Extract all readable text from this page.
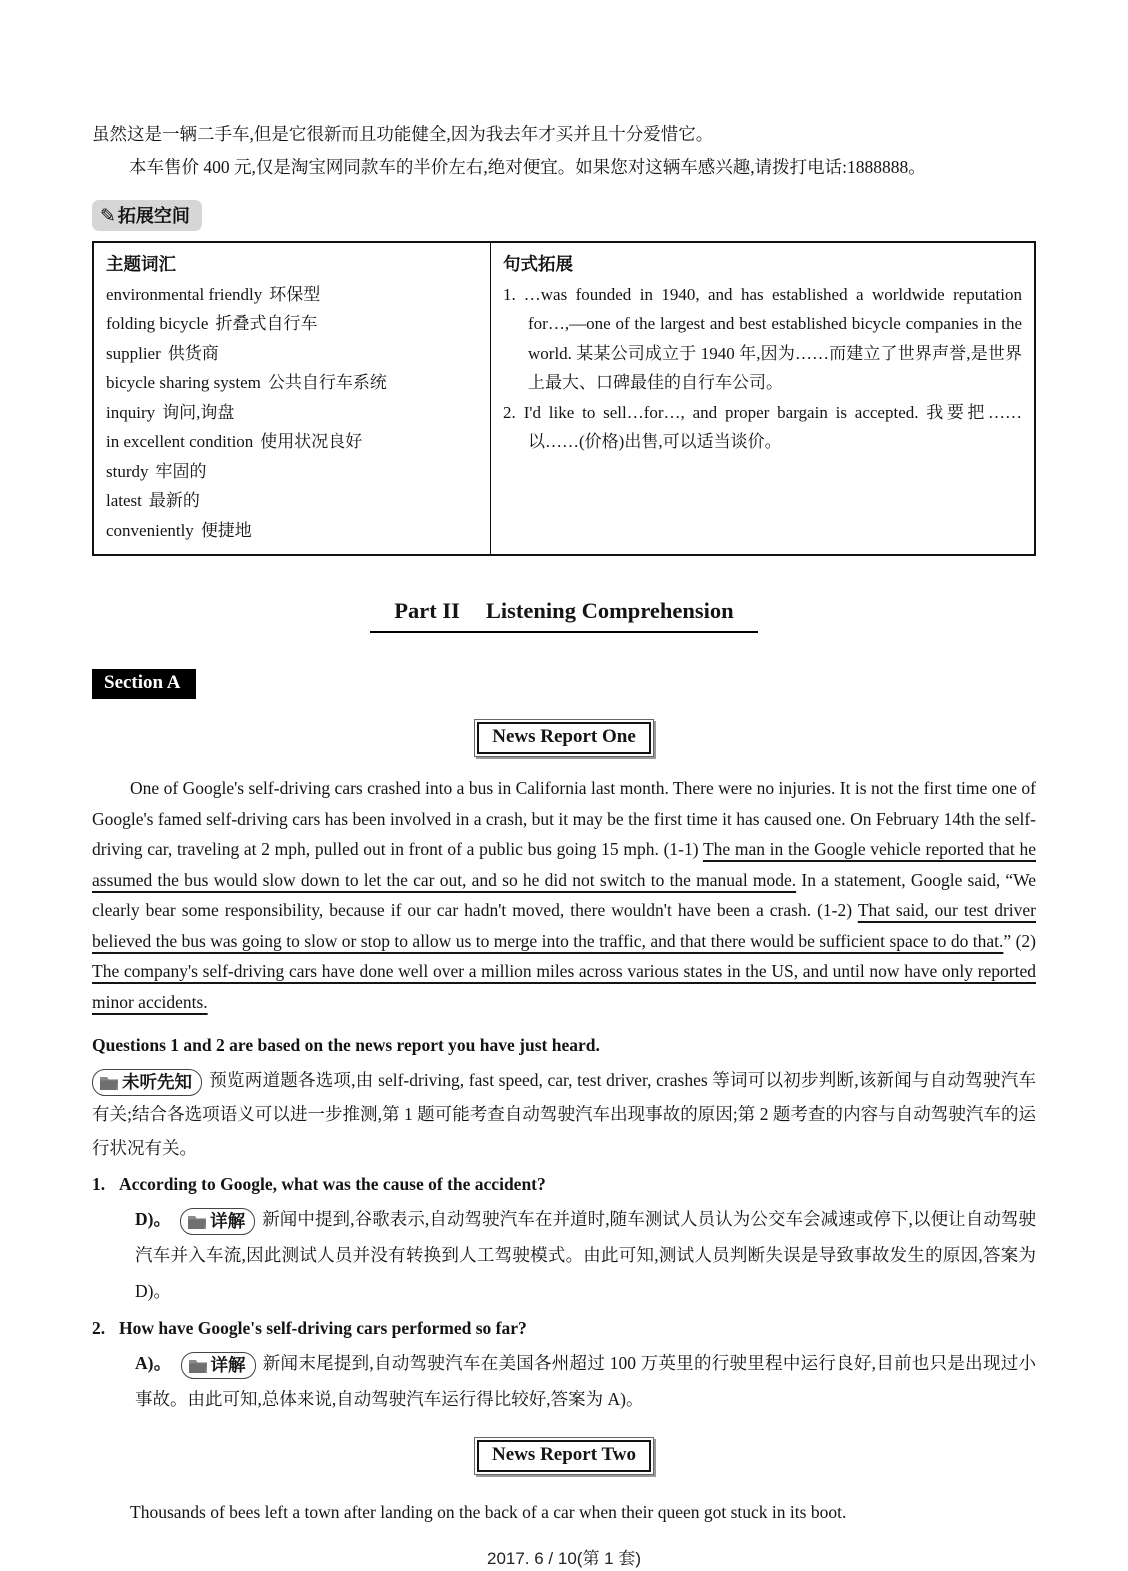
虽然这是一辆二手车,但是它很新而且功能健全,因为我去年才买并且十分爱惜它。

本车售价 400 元,仅是淘宝网同款车的半价左右,绝对便宜。如果您对这辆车感兴趣,请拨打电话:1888888。

✎ 拓展空间
主题词汇
environmental friendly 环保型
folding bicycle 折叠式自行车
supplier 供货商
bicycle sharing system 公共自行车系统
inquiry 询问,询盘
in excellent condition 使用状况良好
sturdy 牢固的
latest 最新的
conveniently 便捷地
句式拓展
1. …was founded in 1940, and has established a worldwide reputation for…,—one of the largest and best established bicycle companies in the world. 某某公司成立于 1940 年,因为……而建立了世界声誉,是世界上最大、口碑最佳的自行车公司。
2. I'd like to sell…for…, and proper bargain is accepted. 我要把……以……(价格)出售,可以适当谈价。
Part II Listening Comprehension
Section A
News Report One

One of Google's self-driving cars crashed into a bus in California last month. There were no injuries. It is not the first time one of Google's famed self-driving cars has been involved in a crash, but it may be the first time it has caused one. On February 14th the self-driving car, traveling at 2 mph, pulled out in front of a public bus going 15 mph. (1-1) The man in the Google vehicle reported that he assumed the bus would slow down to let the car out, and so he did not switch to the manual mode. In a statement, Google said, “We clearly bear some responsibility, because if our car hadn't moved, there wouldn't have been a crash. (1-2) That said, our test driver believed the bus was going to slow or stop to allow us to merge into the traffic, and that there would be sufficient space to do that.” (2) The company's self-driving cars have done well over a million miles across various states in the US, and until now have only reported minor accidents.

Questions 1 and 2 are based on the news report you have just heard.
未听先知 预览两道题各选项,由 self-driving, fast speed, car, test driver, crashes 等词可以初步判断,该新闻与自动驾驶汽车有关;结合各选项语义可以进一步推测,第 1 题可能考查自动驾驶汽车出现事故的原因;第 2 题考查的内容与自动驾驶汽车的运行状况有关。
1. According to Google, what was the cause of the accident?
D)。 详解 新闻中提到,谷歌表示,自动驾驶汽车在并道时,随车测试人员认为公交车会减速或停下,以便让自动驾驶汽车并入车流,因此测试人员并没有转换到人工驾驶模式。由此可知,测试人员判断失误是导致事故发生的原因,答案为 D)。
2. How have Google's self-driving cars performed so far?
A)。 详解 新闻末尾提到,自动驾驶汽车在美国各州超过 100 万英里的行驶里程中运行良好,目前也只是出现过小事故。由此可知,总体来说,自动驾驶汽车运行得比较好,答案为 A)。
News Report Two

Thousands of bees left a town after landing on the back of a car when their queen got stuck in its boot.

2017. 6 / 10(第 1 套)
